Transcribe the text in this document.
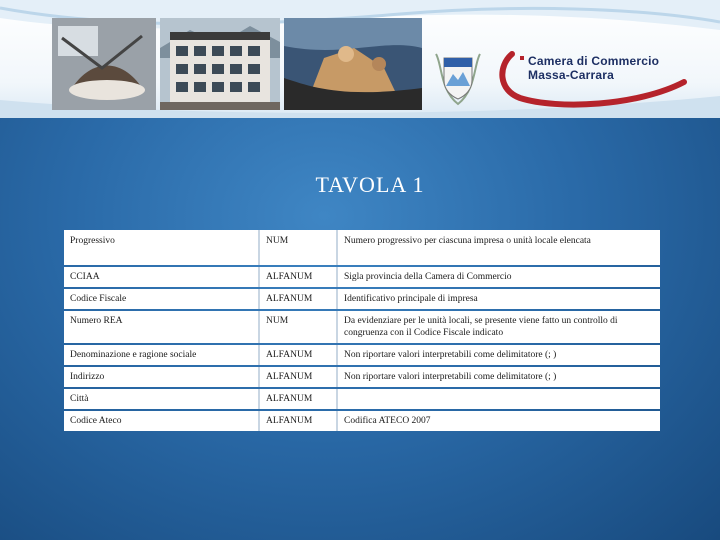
Camera di Commercio
Massa-Carrara
TAVOLA 1
Progressivo	NUM	Numero progressivo per ciascuna impresa o unità locale elencata
CCIAA	ALFANUM	Sigla provincia della Camera di Commercio
Codice Fiscale	ALFANUM	Identificativo principale di impresa
Numero REA	NUM	Da evidenziare per le unità locali, se presente viene fatto un controllo di congruenza con il Codice Fiscale indicato
Denominazione e ragione sociale	ALFANUM	Non riportare valori interpretabili come delimitatore (; )
Indirizzo	ALFANUM	Non riportare valori interpretabili come delimitatore (; )
Città	ALFANUM	
Codice Ateco	ALFANUM	Codifica ATECO 2007
